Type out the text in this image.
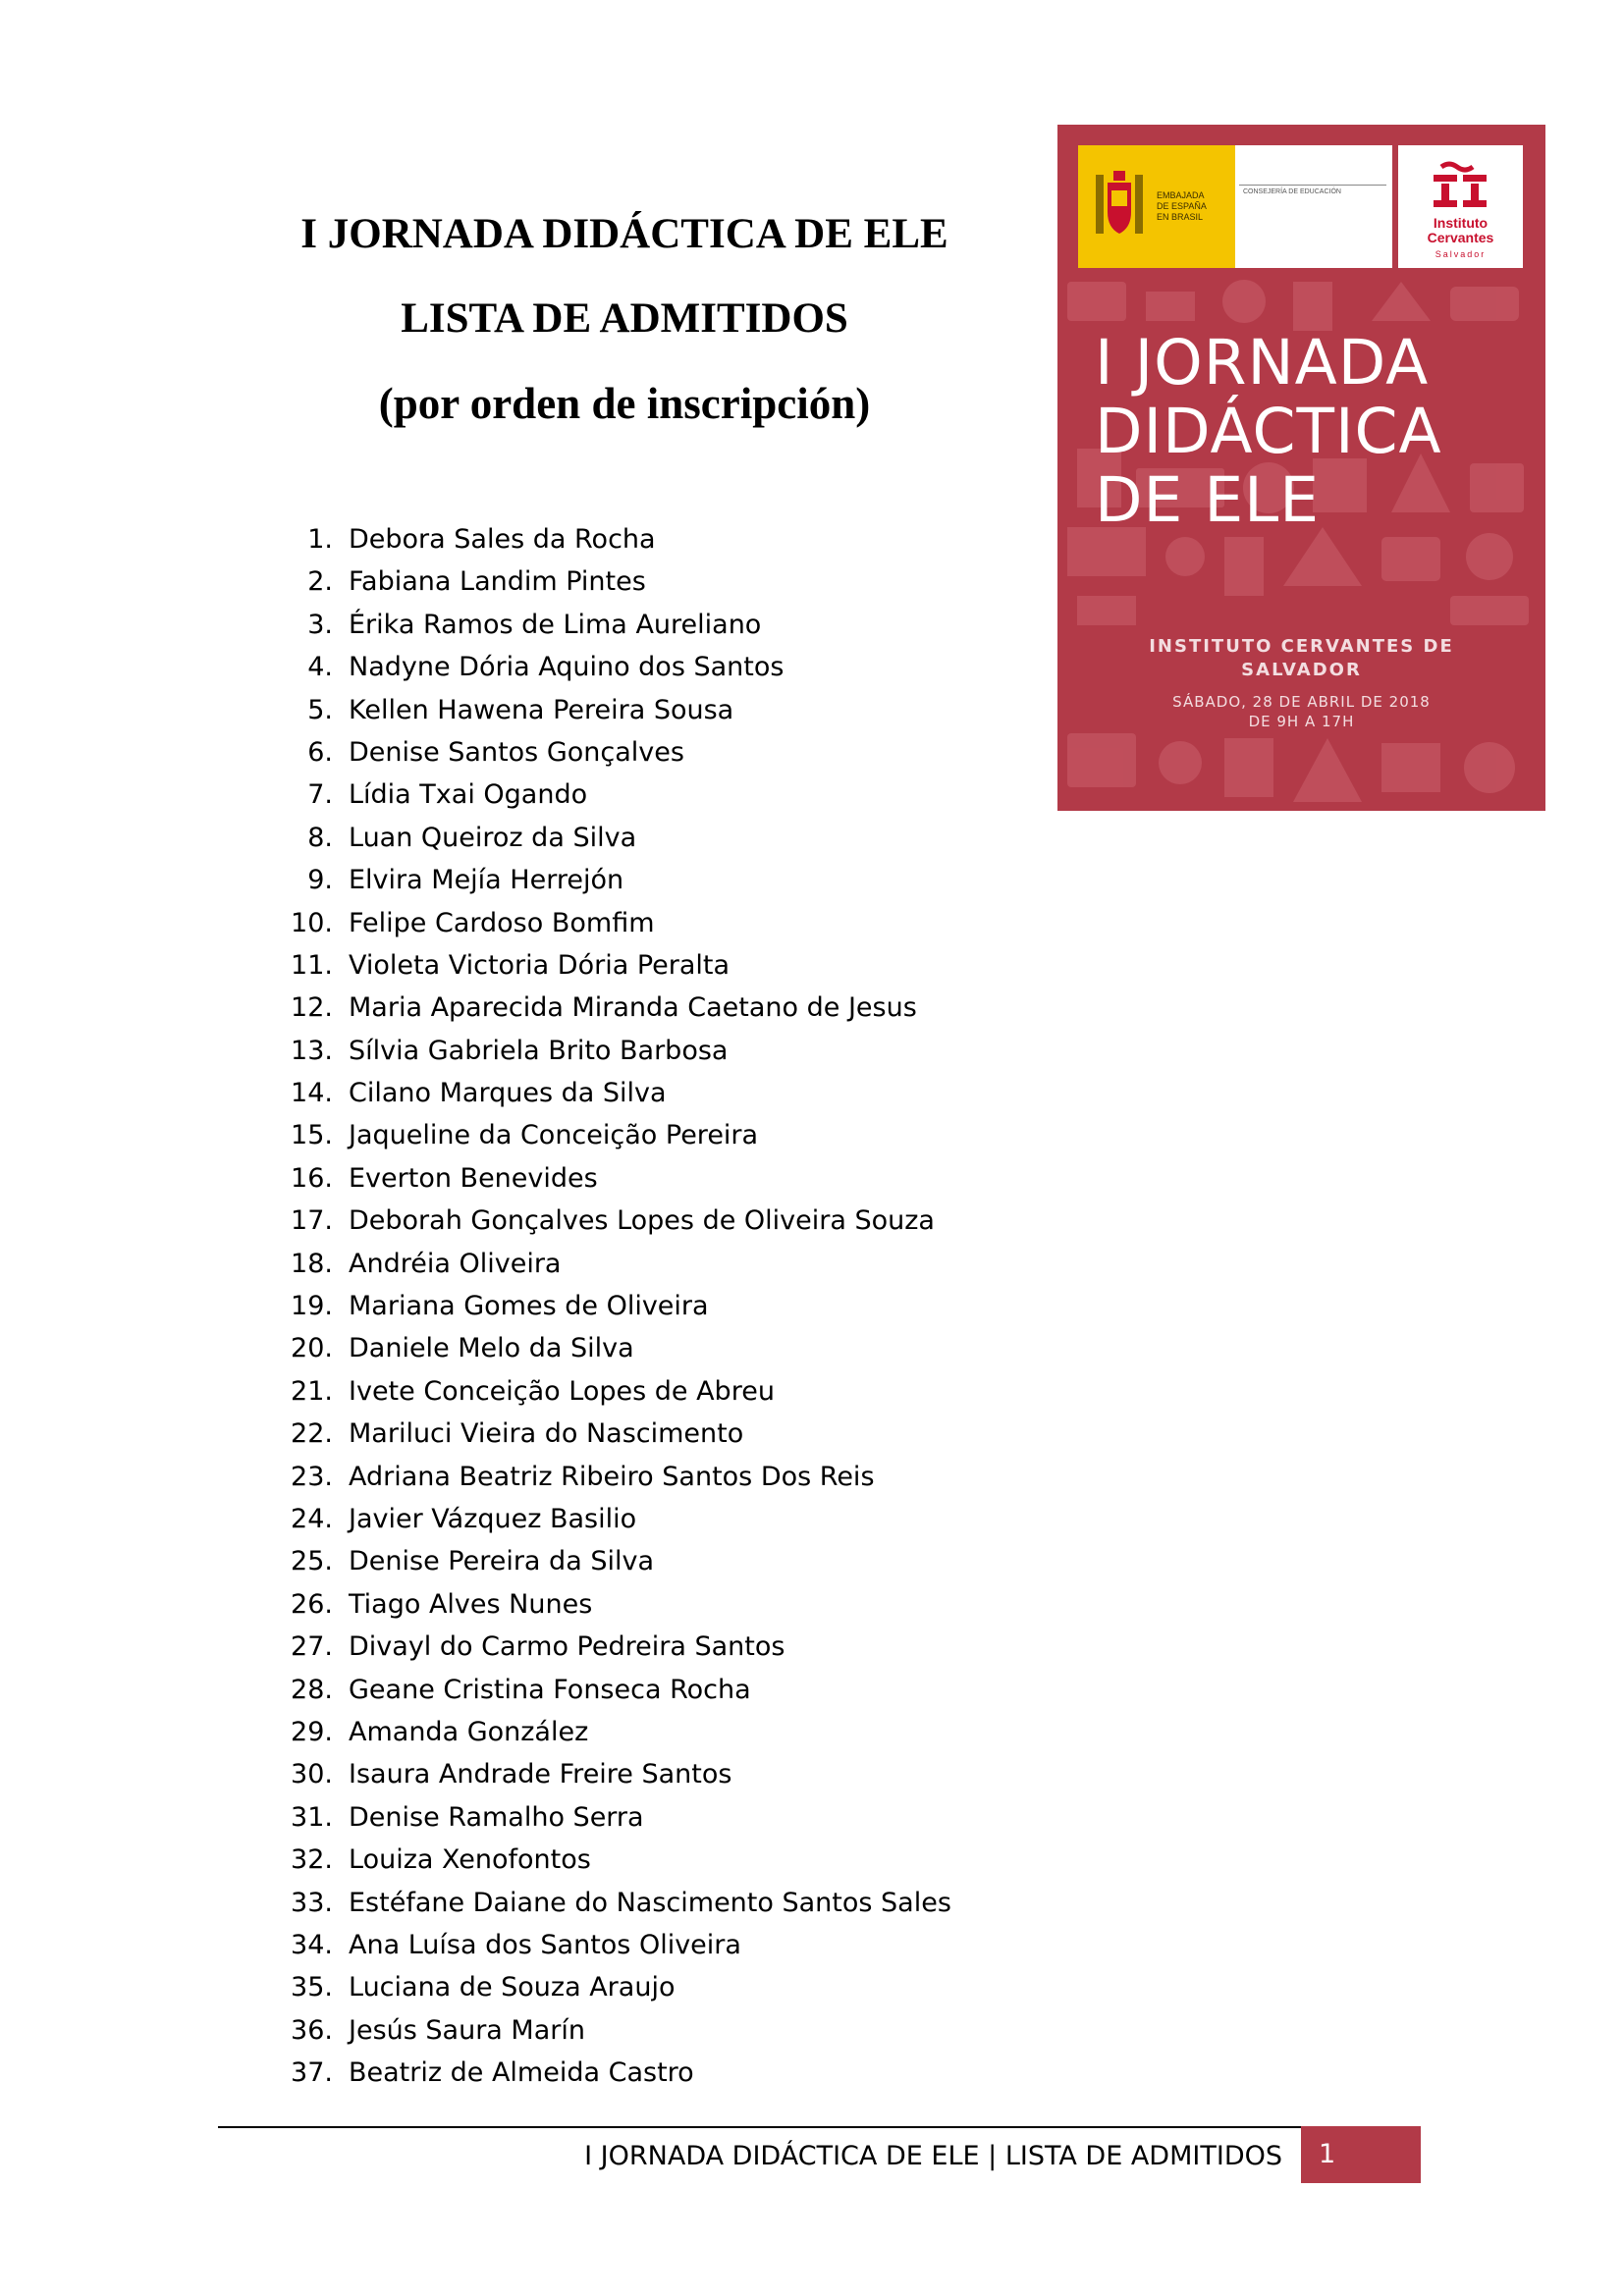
I JORNADA DIDÁCTICA DE ELE
LISTA DE ADMITIDOS
(por orden de inscripción)
EMBAJADA
DE ESPAÑA
EN BRASIL
CONSEJERÍA DE EDUCACIÓN
Instituto
Cervantes
Salvador
I JORNADA
DIDÁCTICA
DE ELE
INSTITUTO CERVANTES DE
SALVADOR
SÁBADO, 28 DE ABRIL DE 2018
DE 9H A 17H
1. Debora Sales da Rocha
2. Fabiana Landim Pintes
3. Érika Ramos de Lima Aureliano
4. Nadyne Dória Aquino dos Santos
5. Kellen Hawena Pereira Sousa
6. Denise Santos Gonçalves
7. Lídia Txai Ogando
8. Luan Queiroz da Silva
9. Elvira Mejía Herrejón
10. Felipe Cardoso Bomfim
11. Violeta Victoria Dória Peralta
12. Maria Aparecida Miranda Caetano de Jesus
13. Sílvia Gabriela Brito Barbosa
14. Cilano Marques da Silva
15. Jaqueline da Conceição Pereira
16. Everton Benevides
17. Deborah Gonçalves Lopes de Oliveira Souza
18. Andréia Oliveira
19. Mariana Gomes de Oliveira
20. Daniele Melo da Silva
21. Ivete Conceição Lopes de Abreu
22. Mariluci Vieira do Nascimento
23. Adriana Beatriz Ribeiro Santos Dos Reis
24. Javier Vázquez Basilio
25. Denise Pereira da Silva
26. Tiago Alves Nunes
27. Divayl do Carmo Pedreira Santos
28. Geane Cristina Fonseca Rocha
29. Amanda González
30. Isaura Andrade Freire Santos
31. Denise Ramalho Serra
32. Louiza Xenofontos
33. Estéfane Daiane do Nascimento Santos Sales
34. Ana Luísa dos Santos Oliveira
35. Luciana de Souza Araujo
36. Jesús Saura Marín
37. Beatriz de Almeida Castro
I JORNADA DIDÁCTICA DE ELE | LISTA DE ADMITIDOS	1
